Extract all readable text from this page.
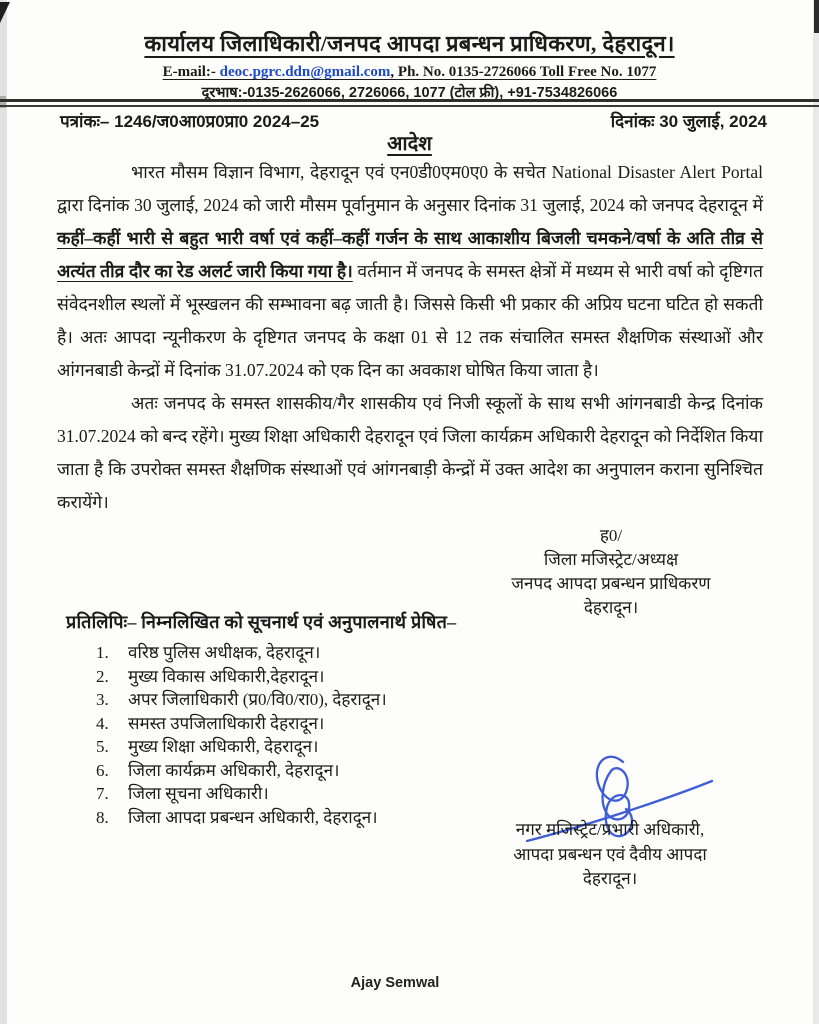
कार्यालय जिलाधिकारी/जनपद आपदा प्रबन्धन प्राधिकरण, देहरादून।
E-mail:- deoc.pgrc.ddn@gmail.com, Ph. No. 0135-2726066 Toll Free No. 1077
दूरभाष:-0135-2626066, 2726066, 1077 (टोल फ्री), +91-7534826066
पत्रांकः– 1246/ज0आ0प्र0प्रा0 2024–25	दिनांकः 30 जुलाई, 2024
आदेश

भारत मौसम विज्ञान विभाग, देहरादून एवं एन0डी0एम0ए0 के सचेत National Disaster Alert Portal द्वारा दिनांक 30 जुलाई, 2024 को जारी मौसम पूर्वानुमान के अनुसार दिनांक 31 जुलाई, 2024 को जनपद देहरादून में कहीं–कहीं भारी से बहुत भारी वर्षा एवं कहीं–कहीं गर्जन के साथ आकाशीय बिजली चमकने/वर्षा के अति तीव्र से अत्यंत तीव्र दौर का रेड अलर्ट जारी किया गया है। वर्तमान में जनपद के समस्त क्षेत्रों में मध्यम से भारी वर्षा को दृष्टिगत संवेदनशील स्थलों में भूस्खलन की सम्भावना बढ़ जाती है। जिससे किसी भी प्रकार की अप्रिय घटना घटित हो सकती है। अतः आपदा न्यूनीकरण के दृष्टिगत जनपद के कक्षा 01 से 12 तक संचालित समस्त शैक्षणिक संस्थाओं और आंगनबाडी केन्द्रों में दिनांक 31.07.2024 को एक दिन का अवकाश घोषित किया जाता है।

अतः जनपद के समस्त शासकीय/गैर शासकीय एवं निजी स्कूलों के साथ सभी आंगनबाडी केन्द्र दिनांक 31.07.2024 को बन्द रहेंगे। मुख्य शिक्षा अधिकारी देहरादून एवं जिला कार्यक्रम अधिकारी देहरादून को निर्देशित किया जाता है कि उपरोक्त समस्त शैक्षणिक संस्थाओं एवं आंगनबाड़ी केन्द्रों में उक्त आदेश का अनुपालन कराना सुनिश्चित करायेंगे।

ह0/
जिला मजिस्ट्रेट/अध्यक्ष
जनपद आपदा प्रबन्धन प्राधिकरण
देहरादून।
प्रतिलिपिः– निम्नलिखित को सूचनार्थ एवं अनुपालनार्थ प्रेषित–
1.	वरिष्ठ पुलिस अधीक्षक, देहरादून।
2.	मुख्य विकास अधिकारी,देहरादून।
3.	अपर जिलाधिकारी (प्र0/वि0/रा0), देहरादून।
4.	समस्त उपजिलाधिकारी देहरादून।
5.	मुख्य शिक्षा अधिकारी, देहरादून।
6.	जिला कार्यक्रम अधिकारी, देहरादून।
7.	जिला सूचना अधिकारी।
8.	जिला आपदा प्रबन्धन अधिकारी, देहरादून।
नगर मजिस्ट्रेट/प्रभारी अधिकारी,
आपदा प्रबन्धन एवं दैवीय आपदा
देहरादून।
Ajay Semwal
